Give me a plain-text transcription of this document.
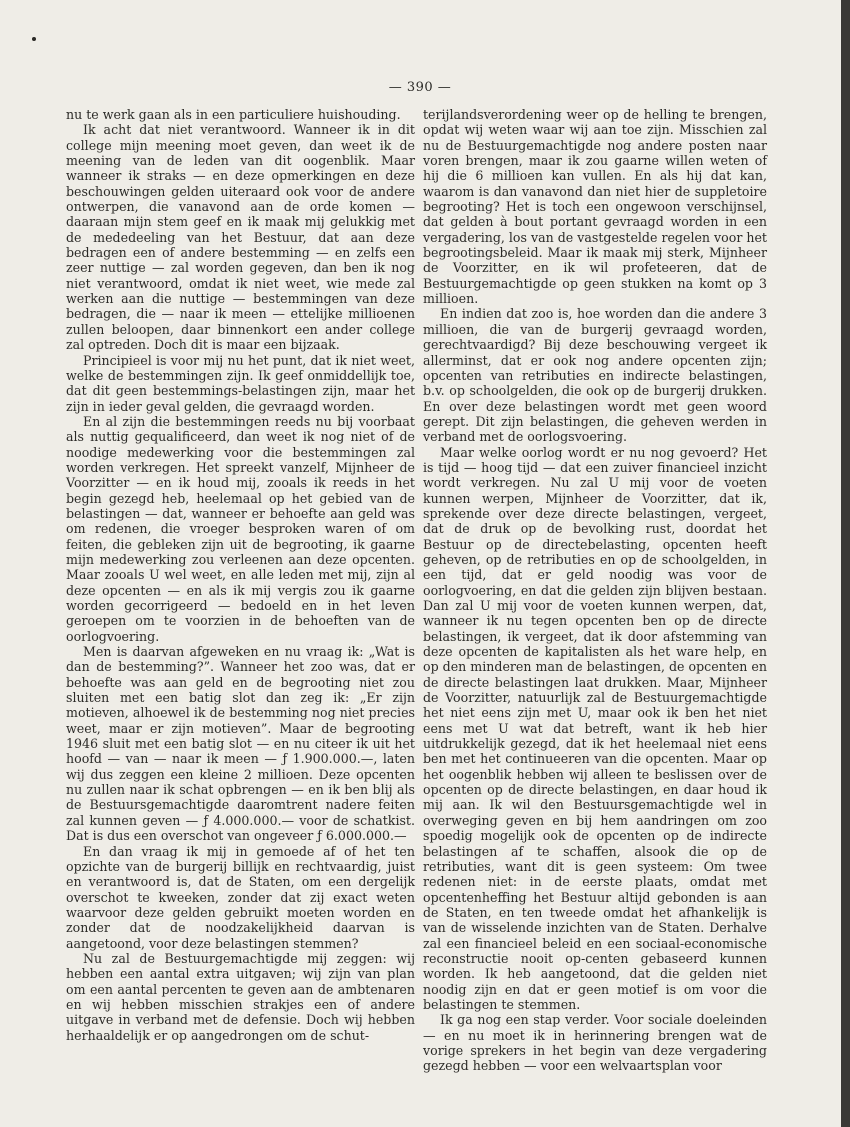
— 390 —

nu te werk gaan als in een particuliere huishouding.

Ik acht dat niet verantwoord. Wanneer ik in dit college mijn meening moet geven, dan weet ik de meening van de leden van dit oogenblik. Maar wanneer ik straks — en deze opmerkingen en deze beschouwingen gelden uiteraard ook voor de andere ontwerpen, die vanavond aan de orde komen — daaraan mijn stem geef en ik maak mij gelukkig met de mededeeling van het Bestuur, dat aan deze bedragen een of andere bestemming — en zelfs een zeer nuttige — zal worden gegeven, dan ben ik nog niet verantwoord, omdat ik niet weet, wie mede zal werken aan die nuttige — bestemmingen van deze bedragen, die — naar ik meen — ettelijke millioenen zullen beloopen, daar binnenkort een ander college zal optreden. Doch dit is maar een bijzaak.

Principieel is voor mij nu het punt, dat ik niet weet, welke de bestemmingen zijn. Ik geef onmiddellijk toe, dat dit geen bestemmings-belastingen zijn, maar het zijn in ieder geval gelden, die gevraagd worden.

En al zijn die bestemmingen reeds nu bij voorbaat als nuttig gequalificeerd, dan weet ik nog niet of de noodige medewerking voor die bestemmingen zal worden verkregen. Het spreekt vanzelf, Mijnheer de Voorzitter — en ik houd mij, zooals ik reeds in het begin gezegd heb, heelemaal op het gebied van de belastingen — dat, wanneer er behoefte aan geld was om redenen, die vroeger besproken waren of om feiten, die gebleken zijn uit de begrooting, ik gaarne mijn medewerking zou verleenen aan deze opcenten. Maar zooals U wel weet, en alle leden met mij, zijn al deze opcenten — en als ik mij vergis zou ik gaarne worden gecorrigeerd — bedoeld en in het leven geroepen om te voorzien in de behoeften van de oorlogvoering.

Men is daarvan afgeweken en nu vraag ik: „Wat is dan de bestemming?”. Wanneer het zoo was, dat er behoefte was aan geld en de begrooting niet zou sluiten met een batig slot dan zeg ik: „Er zijn motieven, alhoewel ik de bestemming nog niet precies weet, maar er zijn motieven”. Maar de begrooting 1946 sluit met een batig slot — en nu citeer ik uit het hoofd — van — naar ik meen — ƒ 1.900.000.—, laten wij dus zeggen een kleine 2 millioen. Deze opcenten nu zullen naar ik schat opbrengen — en ik ben blij als de Bestuursgemachtigde daaromtrent nadere feiten zal kunnen geven — ƒ 4.000.000.— voor de schatkist. Dat is dus een overschot van ongeveer ƒ 6.000.000.—

En dan vraag ik mij in gemoede af of het ten opzichte van de burgerij billijk en rechtvaardig, juist en verantwoord is, dat de Staten, om een dergelijk overschot te kweeken, zonder dat zij exact weten waarvoor deze gelden gebruikt moeten worden en zonder dat de noodzakelijkheid daarvan is aangetoond, voor deze belastingen stemmen?

Nu zal de Bestuurgemachtigde mij zeggen: wij hebben een aantal extra uitgaven; wij zijn van plan om een aantal percenten te geven aan de ambtenaren en wij hebben misschien strakjes een of andere uitgave in verband met de defensie. Doch wij hebben herhaaldelijk er op aangedrongen om de schut-

terijlandsverordening weer op de helling te brengen, opdat wij weten waar wij aan toe zijn. Misschien zal nu de Bestuurgemachtigde nog andere posten naar voren brengen, maar ik zou gaarne willen weten of hij die 6 millioen kan vullen. En als hij dat kan, waarom is dan vanavond dan niet hier de suppletoire begrooting? Het is toch een ongewoon verschijnsel, dat gelden à bout portant gevraagd worden in een vergadering, los van de vastgestelde regelen voor het begrootingsbeleid. Maar ik maak mij sterk, Mijnheer de Voorzitter, en ik wil profeteeren, dat de Bestuurgemachtigde op geen stukken na komt op 3 millioen.

En indien dat zoo is, hoe worden dan die andere 3 millioen, die van de burgerij gevraagd worden, gerechtvaardigd? Bij deze beschouwing vergeet ik allerminst, dat er ook nog andere opcenten zijn; opcenten van retributies en indirecte belastingen, b.v. op schoolgelden, die ook op de burgerij drukken. En over deze belastingen wordt met geen woord gerept. Dit zijn belastingen, die geheven werden in verband met de oorlogsvoering.

Maar welke oorlog wordt er nu nog gevoerd? Het is tijd — hoog tijd — dat een zuiver financieel inzicht wordt verkregen. Nu zal U mij voor de voeten kunnen werpen, Mijnheer de Voorzitter, dat ik, sprekende over deze directe belastingen, vergeet, dat de druk op de bevolking rust, doordat het Bestuur op de directebelasting, opcenten heeft geheven, op de retributies en op de schoolgelden, in een tijd, dat er geld noodig was voor de oorlogvoering, en dat die gelden zijn blijven bestaan. Dan zal U mij voor de voeten kunnen werpen, dat, wanneer ik nu tegen opcenten ben op de directe belastingen, ik vergeet, dat ik door afstemming van deze opcenten de kapitalisten als het ware help, en op den minderen man de belastingen, de opcenten en de directe belastingen laat drukken. Maar, Mijnheer de Voorzitter, natuurlijk zal de Bestuurgemachtigde het niet eens zijn met U, maar ook ik ben het niet eens met U wat dat betreft, want ik heb hier uitdrukkelijk gezegd, dat ik het heelemaal niet eens ben met het continueeren van die opcenten. Maar op het oogenblik hebben wij alleen te beslissen over de opcenten op de directe belastingen, en daar houd ik mij aan. Ik wil den Bestuursgemachtigde wel in overweging geven en bij hem aandringen om zoo spoedig mogelijk ook de opcenten op de indirecte belastingen af te schaffen, alsook die op de retributies, want dit is geen systeem: Om twee redenen niet: in de eerste plaats, omdat met opcentenheffing het Bestuur altijd gebonden is aan de Staten, en ten tweede omdat het afhankelijk is van de wisselende inzichten van de Staten. Derhalve zal een financieel beleid en een sociaal-economische reconstructie nooit op-centen gebaseerd kunnen worden. Ik heb aangetoond, dat die gelden niet noodig zijn en dat er geen motief is om voor die belastingen te stemmen.

Ik ga nog een stap verder. Voor sociale doeleinden — en nu moet ik in herinnering brengen wat de vorige sprekers in het begin van deze vergadering gezegd hebben — voor een welvaartsplan voor
